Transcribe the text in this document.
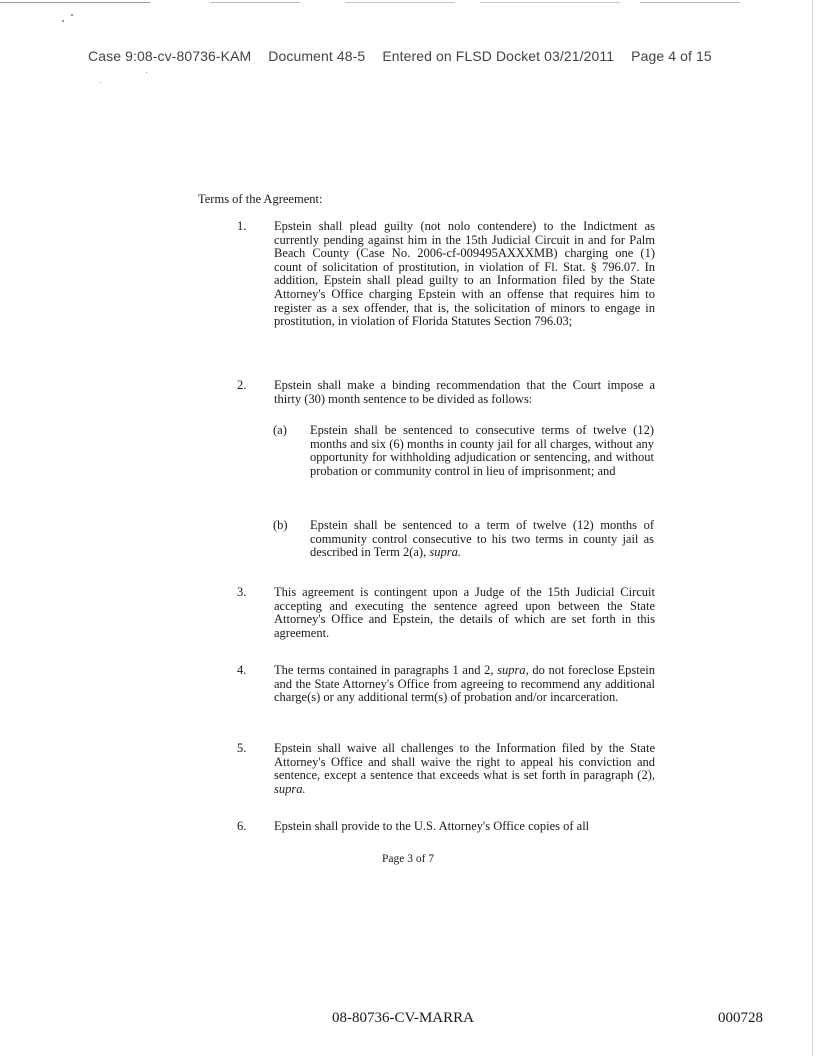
Case 9:08-cv-80736-KAM Document 48-5 Entered on FLSD Docket 03/21/2011 Page 4 of 15
Terms of the Agreement:
1.	Epstein shall plead guilty (not nolo contendere) to the Indictment as currently pending against him in the 15th Judicial Circuit in and for Palm Beach County (Case No. 2006-cf-009495AXXXMB) charging one (1) count of solicitation of prostitution, in violation of Fl. Stat. § 796.07. In addition, Epstein shall plead guilty to an Information filed by the State Attorney's Office charging Epstein with an offense that requires him to register as a sex offender, that is, the solicitation of minors to engage in prostitution, in violation of Florida Statutes Section 796.03;
2.	Epstein shall make a binding recommendation that the Court impose a thirty (30) month sentence to be divided as follows:
(a)	Epstein shall be sentenced to consecutive terms of twelve (12) months and six (6) months in county jail for all charges, without any opportunity for withholding adjudication or sentencing, and without probation or community control in lieu of imprisonment; and
(b)	Epstein shall be sentenced to a term of twelve (12) months of community control consecutive to his two terms in county jail as described in Term 2(a), supra.
3.	This agreement is contingent upon a Judge of the 15th Judicial Circuit accepting and executing the sentence agreed upon between the State Attorney's Office and Epstein, the details of which are set forth in this agreement.
4.	The terms contained in paragraphs 1 and 2, supra, do not foreclose Epstein and the State Attorney's Office from agreeing to recommend any additional charge(s) or any additional term(s) of probation and/or incarceration.
5.	Epstein shall waive all challenges to the Information filed by the State Attorney's Office and shall waive the right to appeal his conviction and sentence, except a sentence that exceeds what is set forth in paragraph (2), supra.
6.	Epstein shall provide to the U.S. Attorney's Office copies of all
Page 3 of 7
08-80736-CV-MARRA	000728
